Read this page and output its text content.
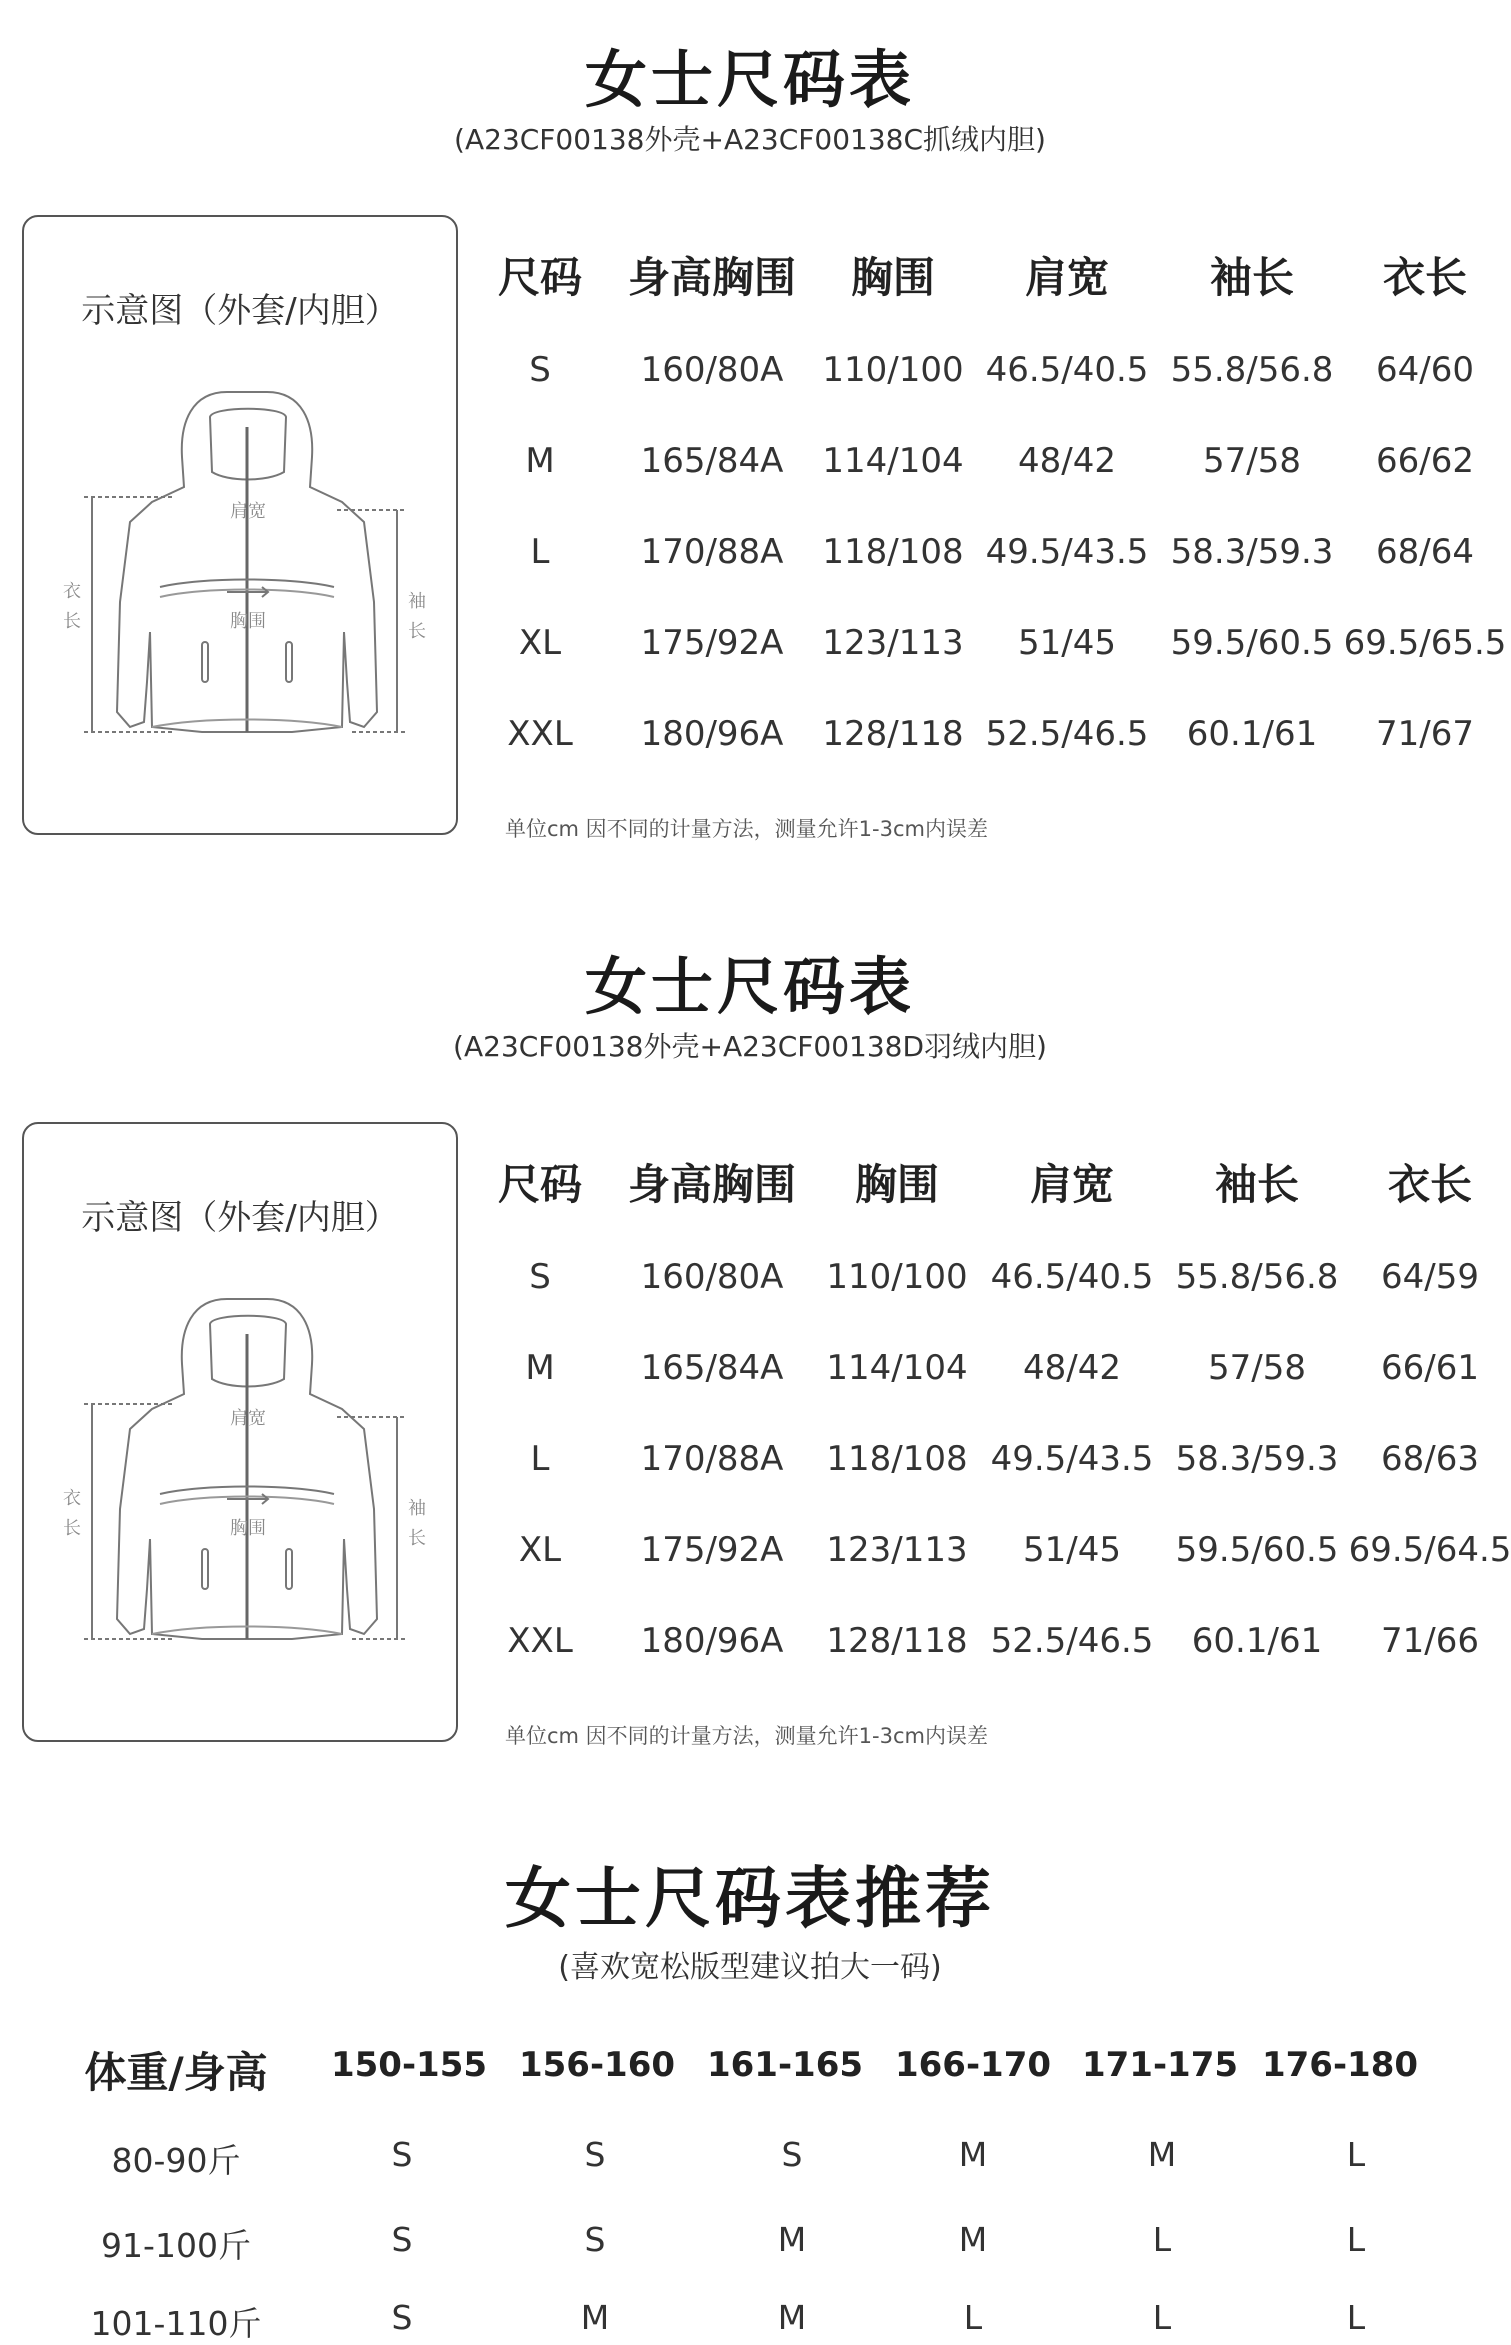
女士尺码表
(A23CF00138外壳+A23CF00138C抓绒内胆)
示意图（外套/内胆）
肩宽
胸围
衣
长
袖
长
尺码 身高胸围 胸围 肩宽 袖长 衣长
S	160/80A 110/100 46.5/40.5 55.8/56.8 64/60
M	165/84A 114/104 48/42	57/58 66/62
L	170/88A 118/108 49.5/43.5 58.3/59.3 68/64
XL 175/92A 123/113 51/45 59.5/60.5 69.5/65.5
XXL 180/96A 128/118 52.5/46.5 60.1/61 71/67
单位cm 因不同的计量方法，测量允许1-3cm内误差
女士尺码表
(A23CF00138外壳+A23CF00138D羽绒内胆)
示意图（外套/内胆）
肩宽
胸围
衣
长
袖
长
尺码 身高胸围 胸围 肩宽 袖长 衣长
S	160/80A 110/100 46.5/40.5 55.8/56.8 64/59
M	165/84A 114/104 48/42	57/58 66/61
L	170/88A 118/108 49.5/43.5 58.3/59.3 68/63
XL 175/92A 123/113 51/45 59.5/60.5 69.5/64.5
XXL 180/96A 128/118 52.5/46.5 60.1/61 71/66
单位cm 因不同的计量方法，测量允许1-3cm内误差
女士尺码表推荐
(喜欢宽松版型建议拍大一码)
体重/身高 150-155 156-160 161-165 166-170 171-175 176-180
80-90斤	S	S	S	M	M	L
91-100斤	S	S	M	M	L	L
101-110斤	S	M	M	L	L	L
